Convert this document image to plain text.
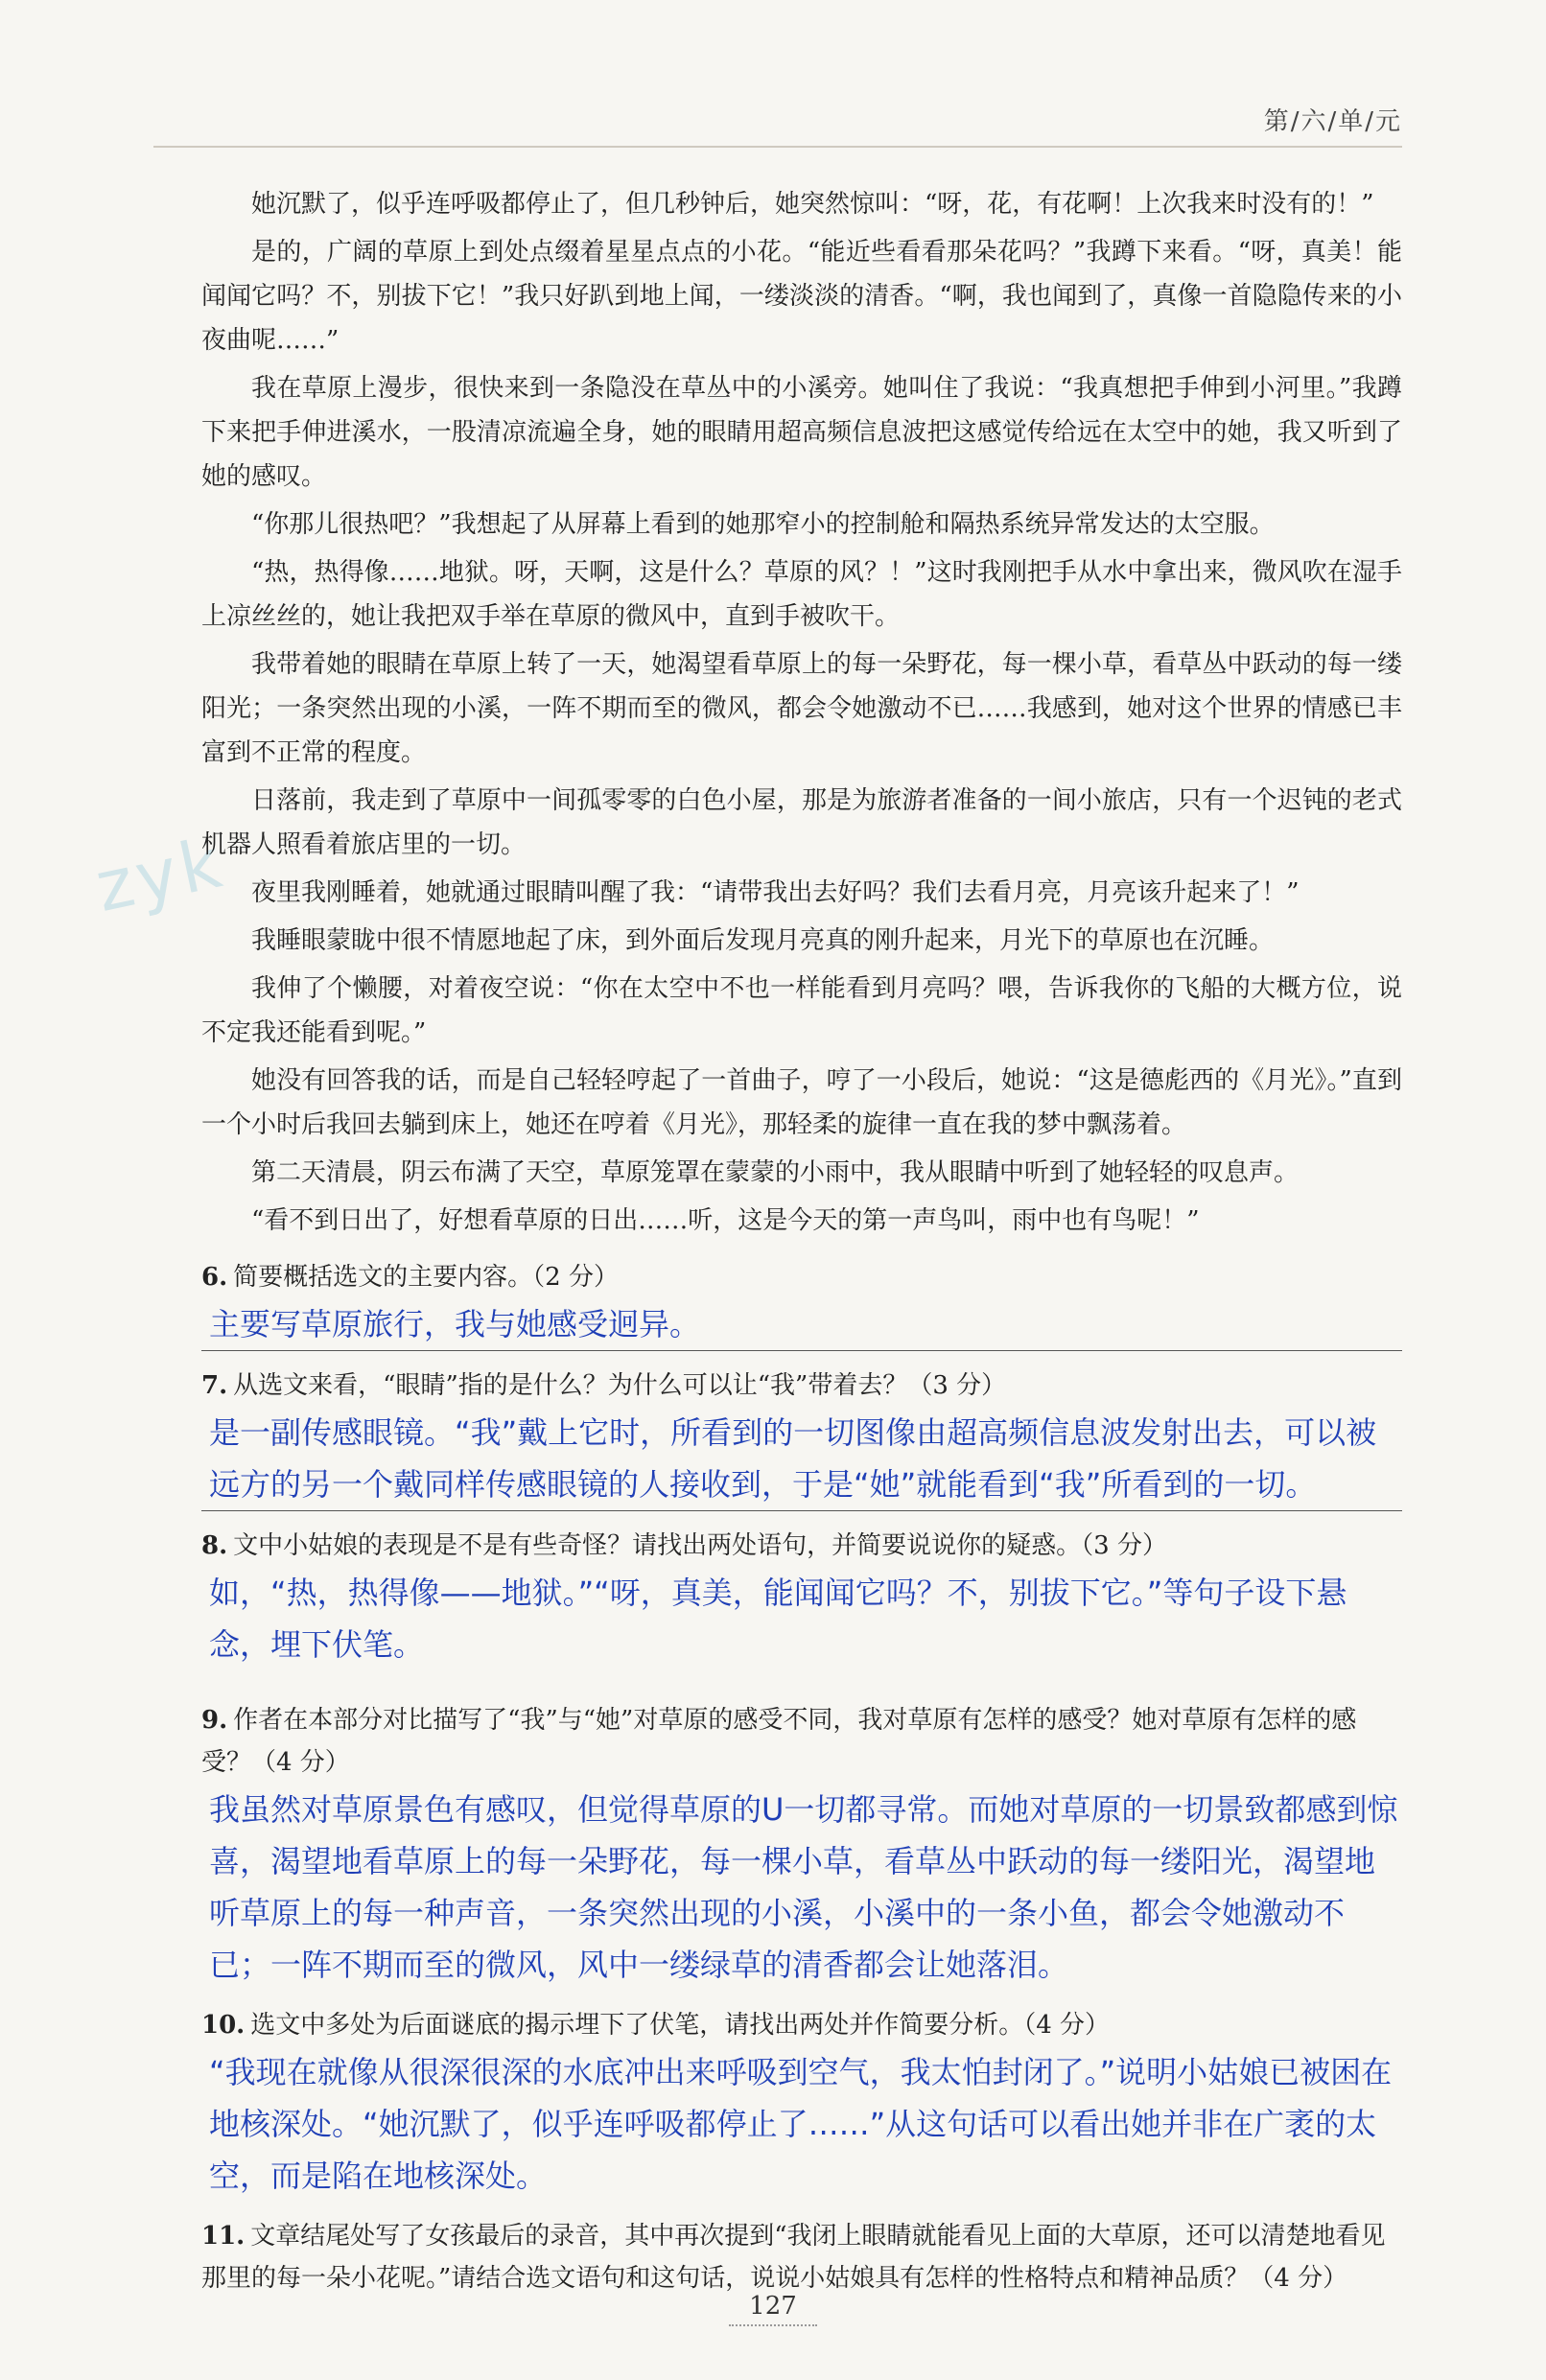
第/六/单/元
zyk

她沉默了，似乎连呼吸都停止了，但几秒钟后，她突然惊叫：“呀，花，有花啊！上次我来时没有的！”

是的，广阔的草原上到处点缀着星星点点的小花。“能近些看看那朵花吗？”我蹲下来看。“呀，真美！能闻闻它吗？不，别拔下它！”我只好趴到地上闻，一缕淡淡的清香。“啊，我也闻到了，真像一首隐隐传来的小夜曲呢……”

我在草原上漫步，很快来到一条隐没在草丛中的小溪旁。她叫住了我说：“我真想把手伸到小河里。”我蹲下来把手伸进溪水，一股清凉流遍全身，她的眼睛用超高频信息波把这感觉传给远在太空中的她，我又听到了她的感叹。

“你那儿很热吧？”我想起了从屏幕上看到的她那窄小的控制舱和隔热系统异常发达的太空服。

“热，热得像……地狱。呀，天啊，这是什么？草原的风？！”这时我刚把手从水中拿出来，微风吹在湿手上凉丝丝的，她让我把双手举在草原的微风中，直到手被吹干。

我带着她的眼睛在草原上转了一天，她渴望看草原上的每一朵野花，每一棵小草，看草丛中跃动的每一缕阳光；一条突然出现的小溪，一阵不期而至的微风，都会令她激动不已……我感到，她对这个世界的情感已丰富到不正常的程度。

日落前，我走到了草原中一间孤零零的白色小屋，那是为旅游者准备的一间小旅店，只有一个迟钝的老式机器人照看着旅店里的一切。

夜里我刚睡着，她就通过眼睛叫醒了我：“请带我出去好吗？我们去看月亮，月亮该升起来了！”

我睡眼蒙眬中很不情愿地起了床，到外面后发现月亮真的刚升起来，月光下的草原也在沉睡。

我伸了个懒腰，对着夜空说：“你在太空中不也一样能看到月亮吗？喂，告诉我你的飞船的大概方位，说不定我还能看到呢。”

她没有回答我的话，而是自己轻轻哼起了一首曲子，哼了一小段后，她说：“这是德彪西的《月光》。”直到一个小时后我回去躺到床上，她还在哼着《月光》，那轻柔的旋律一直在我的梦中飘荡着。

第二天清晨，阴云布满了天空，草原笼罩在蒙蒙的小雨中，我从眼睛中听到了她轻轻的叹息声。

“看不到日出了，好想看草原的日出……听，这是今天的第一声鸟叫，雨中也有鸟呢！”

6. 简要概括选文的主要内容。（2 分）

主要写草原旅行，我与她感受迥异。

7. 从选文来看，“眼睛”指的是什么？为什么可以让“我”带着去？（3 分）

是一副传感眼镜。“我”戴上它时，所看到的一切图像由超高频信息波发射出去，可以被远方的另一个戴同样传感眼镜的人接收到，于是“她”就能看到“我”所看到的一切。

8. 文中小姑娘的表现是不是有些奇怪？请找出两处语句，并简要说说你的疑惑。（3 分）

如，“热，热得像——地狱。”“呀，真美，能闻闻它吗？不，别拔下它。”等句子设下悬念，埋下伏笔。

9. 作者在本部分对比描写了“我”与“她”对草原的感受不同，我对草原有怎样的感受？她对草原有怎样的感受？（4 分）

我虽然对草原景色有感叹，但觉得草原的U一切都寻常。而她对草原的一切景致都感到惊喜，渴望地看草原上的每一朵野花，每一棵小草，看草丛中跃动的每一缕阳光，渴望地听草原上的每一种声音，一条突然出现的小溪，小溪中的一条小鱼，都会令她激动不已；一阵不期而至的微风，风中一缕绿草的清香都会让她落泪。

10. 选文中多处为后面谜底的揭示埋下了伏笔，请找出两处并作简要分析。（4 分）

“我现在就像从很深很深的水底冲出来呼吸到空气，我太怕封闭了。”说明小姑娘已被困在地核深处。“她沉默了，似乎连呼吸都停止了……”从这句话可以看出她并非在广袤的太空，而是陷在地核深处。

11. 文章结尾处写了女孩最后的录音，其中再次提到“我闭上眼睛就能看见上面的大草原，还可以清楚地看见那里的每一朵小花呢。”请结合选文语句和这句话，说说小姑娘具有怎样的性格特点和精神品质？（4 分）

127
